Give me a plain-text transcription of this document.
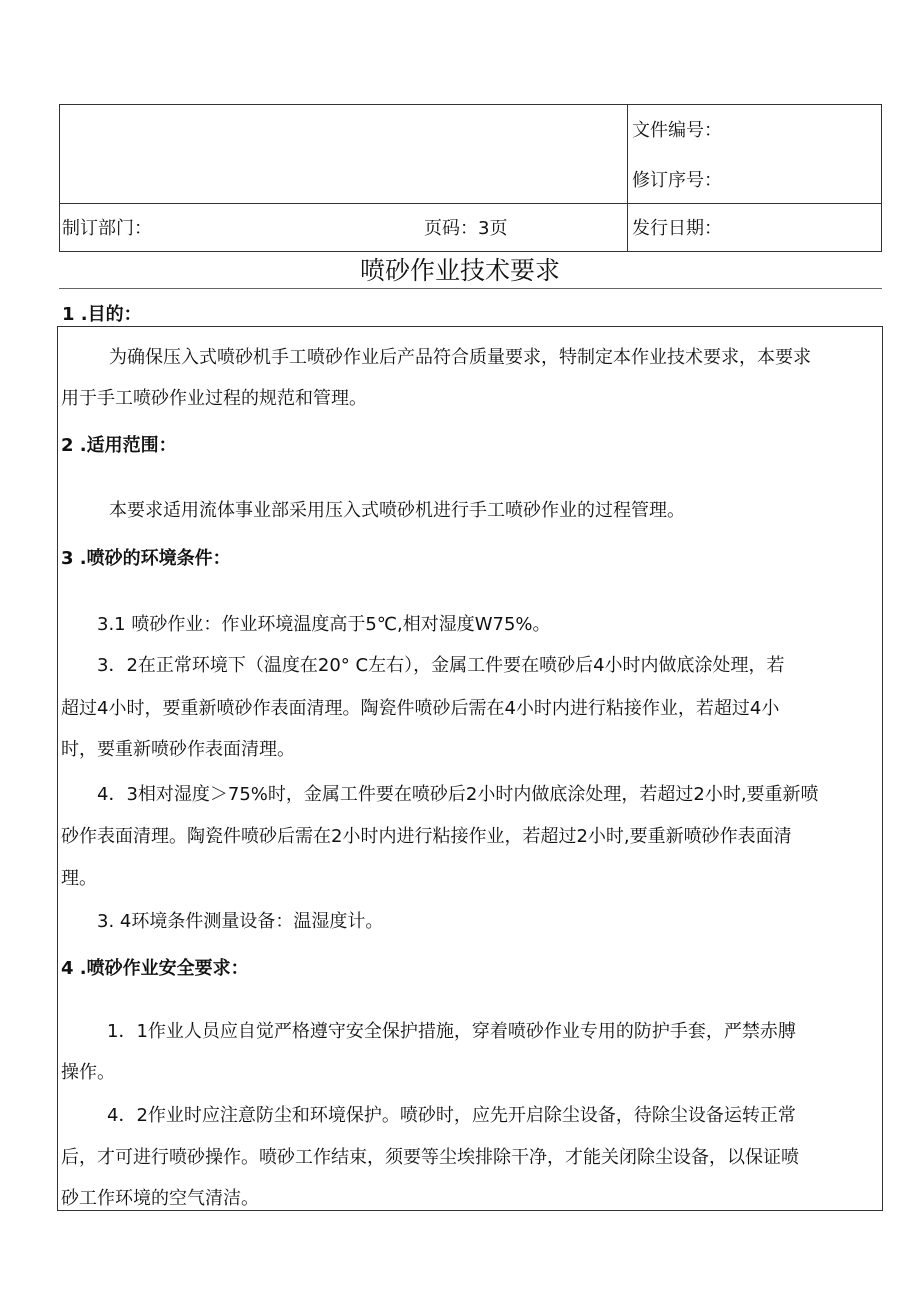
文件编号：
修订序号：
制订部门：	页码：3页	发行日期：
喷砂作业技术要求
1 .目的：
为确保压入式喷砂机手工喷砂作业后产品符合质量要求，特制定本作业技术要求，本要求
用于手工喷砂作业过程的规范和管理。
2 .适用范围：
本要求适用流体事业部采用压入式喷砂机进行手工喷砂作业的过程管理。
3 .喷砂的环境条件：
3.1 喷砂作业：作业环境温度高于5℃,相对湿度W75%。
3．2在正常环境下（温度在20° C左右），金属工件要在喷砂后4小时内做底涂处理，若
超过4小时，要重新喷砂作表面清理。陶瓷件喷砂后需在4小时内进行粘接作业，若超过4小
时，要重新喷砂作表面清理。
4．3相对湿度＞75%时，金属工件要在喷砂后2小时内做底涂处理，若超过2小时,要重新喷
砂作表面清理。陶瓷件喷砂后需在2小时内进行粘接作业，若超过2小时,要重新喷砂作表面清
理。
3. 4环境条件测量设备：温湿度计。
4 .喷砂作业安全要求：
1．1作业人员应自觉严格遵守安全保护措施，穿着喷砂作业专用的防护手套，严禁赤膊
操作。
4．2作业时应注意防尘和环境保护。喷砂时，应先开启除尘设备，待除尘设备运转正常
后，才可进行喷砂操作。喷砂工作结束，须要等尘埃排除干净，才能关闭除尘设备，以保证喷
砂工作环境的空气清洁。
